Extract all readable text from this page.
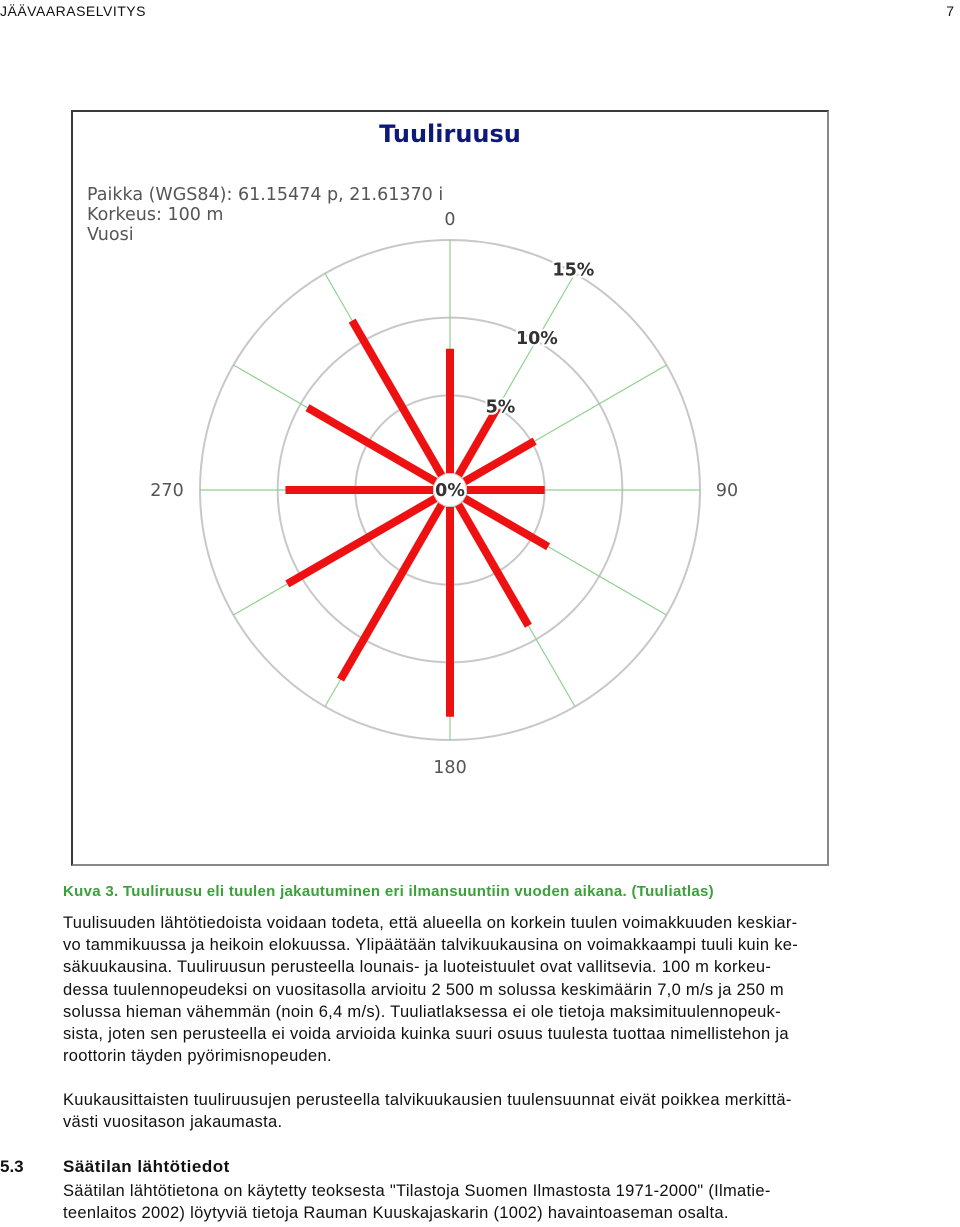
JÄÄVAARASELVITYS	7
Tuuliruusu
Paikka (WGS84): 61.15474 p, 21.61370 i
Korkeus: 100 m
Vuosi
0%
5%
10%
15%
0
90
180
270
Kuva 3. Tuuliruusu eli tuulen jakautuminen eri ilmansuuntiin vuoden aikana. (Tuuliatlas)

Tuulisuuden lähtötiedoista voidaan todeta, että alueella on korkein tuulen voimakkuuden keskiar-

vo tammikuussa ja heikoin elokuussa. Ylipäätään talvikuukausina on voimakkaampi tuuli kuin ke-

säkuukausina. Tuuliruusun perusteella lounais- ja luoteistuulet ovat vallitsevia. 100 m korkeu-

dessa tuulennopeudeksi on vuositasolla arvioitu 2 500 m solussa keskimäärin 7,0 m/s ja 250 m

solussa hieman vähemmän (noin 6,4 m/s). Tuuliatlaksessa ei ole tietoja maksimituulennopeuk-

sista, joten sen perusteella ei voida arvioida kuinka suuri osuus tuulesta tuottaa nimellistehon ja

roottorin täyden pyörimisnopeuden.

Kuukausittaisten tuuliruusujen perusteella talvikuukausien tuulensuunnat eivät poikkea merkittä-

västi vuositason jakaumasta.

5.3 Säätilan lähtötiedot

Säätilan lähtötietona on käytetty teoksesta "Tilastoja Suomen Ilmastosta 1971-2000" (Ilmatie-

teenlaitos 2002) löytyviä tietoja Rauman Kuuskajaskarin (1002) havaintoaseman osalta.
